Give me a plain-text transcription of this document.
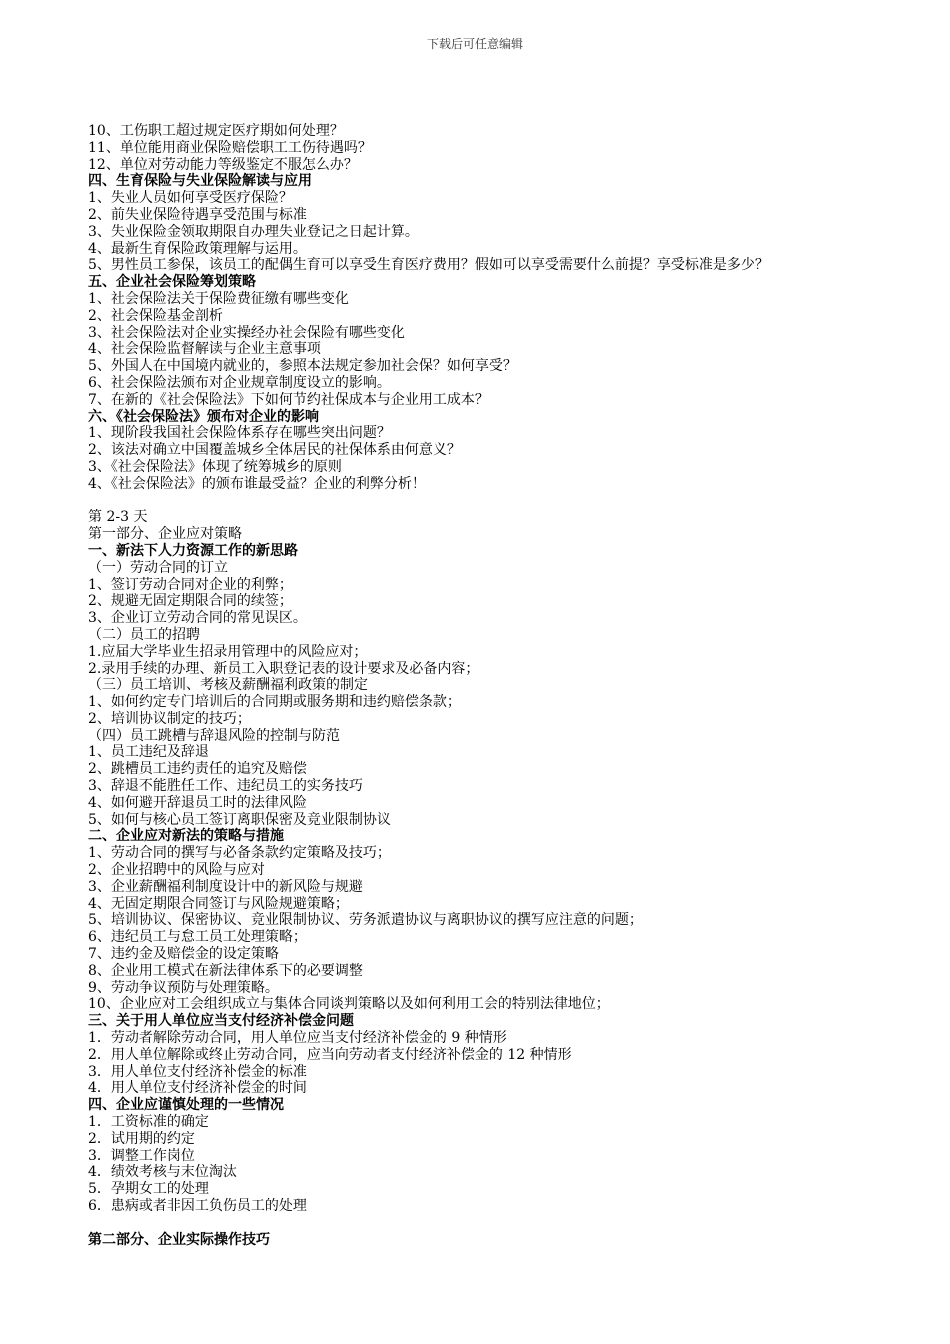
下载后可任意编辑
10、工伤职工超过规定医疗期如何处理？
11、单位能用商业保险赔偿职工工伤待遇吗？
12、单位对劳动能力等级鉴定不服怎么办？
四、生育保险与失业保险解读与应用
1、失业人员如何享受医疗保险？
2、前失业保险待遇享受范围与标准
3、失业保险金领取期限自办理失业登记之日起计算。
4、最新生育保险政策理解与运用。
5、男性员工参保，该员工的配偶生育可以享受生育医疗费用？假如可以享受需要什么前提？享受标准是多少？
五、企业社会保险筹划策略
1、社会保险法关于保险费征缴有哪些变化
2、社会保险基金剖析
3、社会保险法对企业实操经办社会保险有哪些变化
4、社会保险监督解读与企业主意事项
5、外国人在中国境内就业的，参照本法规定参加社会保？如何享受？
6、社会保险法颁布对企业规章制度设立的影响。
7、在新的《社会保险法》下如何节约社保成本与企业用工成本？
六、《社会保险法》颁布对企业的影响
1、现阶段我国社会保险体系存在哪些突出问题？
2、该法对确立中国覆盖城乡全体居民的社保体系由何意义？
3、《社会保险法》体现了统筹城乡的原则
4、《社会保险法》的颁布谁最受益？企业的利弊分析！
第 2-3 天
第一部分、企业应对策略
一、新法下人力资源工作的新思路
（一）劳动合同的订立
1、签订劳动合同对企业的利弊；
2、规避无固定期限合同的续签；
3、企业订立劳动合同的常见误区。
（二）员工的招聘
1.应届大学毕业生招录用管理中的风险应对；
2.录用手续的办理、新员工入职登记表的设计要求及必备内容；
（三）员工培训、考核及薪酬福利政策的制定
1、如何约定专门培训后的合同期或服务期和违约赔偿条款；
2、培训协议制定的技巧；
（四）员工跳槽与辞退风险的控制与防范
1、员工违纪及辞退
2、跳槽员工违约责任的追究及赔偿
3、辞退不能胜任工作、违纪员工的实务技巧
4、如何避开辞退员工时的法律风险
5、如何与核心员工签订离职保密及竞业限制协议
二、企业应对新法的策略与措施
1、劳动合同的撰写与必备条款约定策略及技巧；
2、企业招聘中的风险与应对
3、企业薪酬福利制度设计中的新风险与规避
4、无固定期限合同签订与风险规避策略；
5、培训协议、保密协议、竞业限制协议、劳务派遣协议与离职协议的撰写应注意的问题；
6、违纪员工与怠工员工处理策略；
7、违约金及赔偿金的设定策略
8、企业用工模式在新法律体系下的必要调整
9、劳动争议预防与处理策略。
10、企业应对工会组织成立与集体合同谈判策略以及如何利用工会的特别法律地位；
三、关于用人单位应当支付经济补偿金问题
1．劳动者解除劳动合同，用人单位应当支付经济补偿金的 9 种情形
2．用人单位解除或终止劳动合同，应当向劳动者支付经济补偿金的 12 种情形
3．用人单位支付经济补偿金的标准
4．用人单位支付经济补偿金的时间
四、企业应谨慎处理的一些情况
1．工资标准的确定
2．试用期的约定
3．调整工作岗位
4．绩效考核与末位淘汰
5．孕期女工的处理
6．患病或者非因工负伤员工的处理
第二部分、企业实际操作技巧
